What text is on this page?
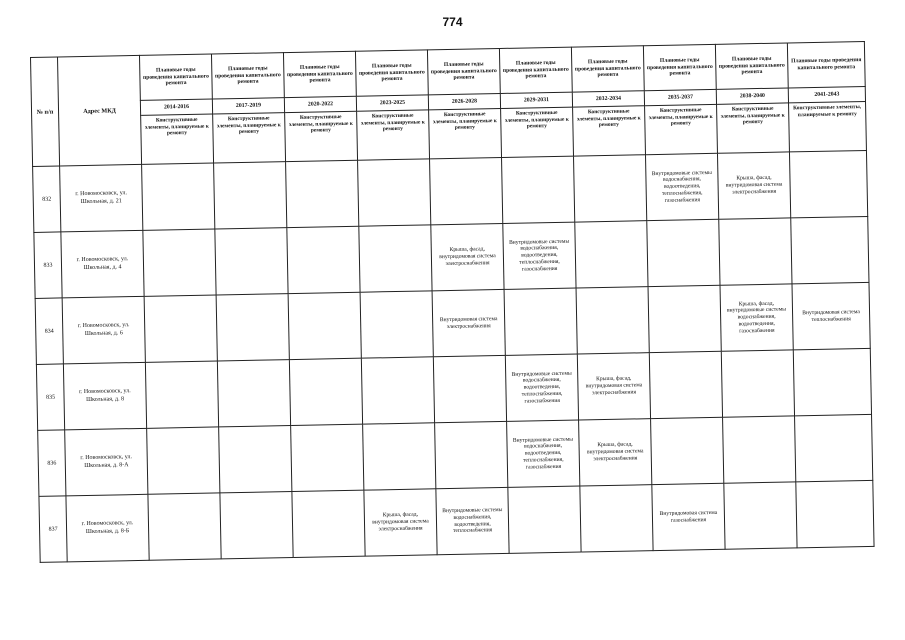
774
№ п/п	Адрес МКД	Плановые годы проведения капитального ремонта	Плановые годы проведения капитального ремонта	Плановые годы проведения капитального ремонта	Плановые годы проведения капитального ремонта	Плановые годы проведения капитального ремонта	Плановые годы проведения капитального ремонта	Плановые годы проведения капитального ремонта	Плановые годы проведения капитального ремонта	Плановые годы проведения капитального ремонта	Плановые годы проведения капитального ремонта
		2014-2016	2017-2019	2020-2022	2023-2025	2026-2028	2029-2031	2032-2034	2035-2037	2038-2040	2041-2043
		Конструктивные элементы, планируемые к ремонту	Конструктивные элементы, планируемые к ремонту	Конструктивные элементы, планируемые к ремонту	Конструктивные элементы, планируемые к ремонту	Конструктивные элементы, планируемые к ремонту	Конструктивные элементы, планируемые к ремонту	Конструктивные элементы, планируемые к ремонту	Конструктивные элементы, планируемые к ремонту	Конструктивные элементы, планируемые к ремонту	Конструктивные элементы, планируемые к ремонту
832	г. Новомосковск, ул. Школьная, д. 21								Внутридомовые системы водоснабжения, водоотведения, теплоснабжения, газоснабжения	Крыша, фасад, внутридомовая система электроснабжения	
833	г. Новомосковск, ул. Школьная, д. 4					Крыша, фасад, внутридомовая система электроснабжения	Внутридомовые системы водоснабжения, водоотведения, теплоснабжения, газоснабжения				
834	г. Новомосковск, ул. Школьная, д. 6					Внутридомовая система электроснабжения				Крыша, фасад, внутридомовые системы водоснабжения, водоотведения, газоснабжения	Внутридомовая система теплоснабжения
835	г. Новомосковск, ул. Школьная, д. 8						Внутридомовые системы водоснабжения, водоотведения, теплоснабжения, газоснабжения	Крыша, фасад, внутридомовая система электроснабжения			
836	г. Новомосковск, ул. Школьная, д. 8-А						Внутридомовые системы водоснабжения, водоотведения, теплоснабжения, газоснабжения	Крыша, фасад, внутридомовая система электроснабжения			
837	г. Новомосковск, ул. Школьная, д. 8-Б				Крыша, фасад, внутридомовая система электроснабжения	Внутридомовые системы водоснабжения, водоотведения, теплоснабжения			Внутридомовая система газоснабжения		
